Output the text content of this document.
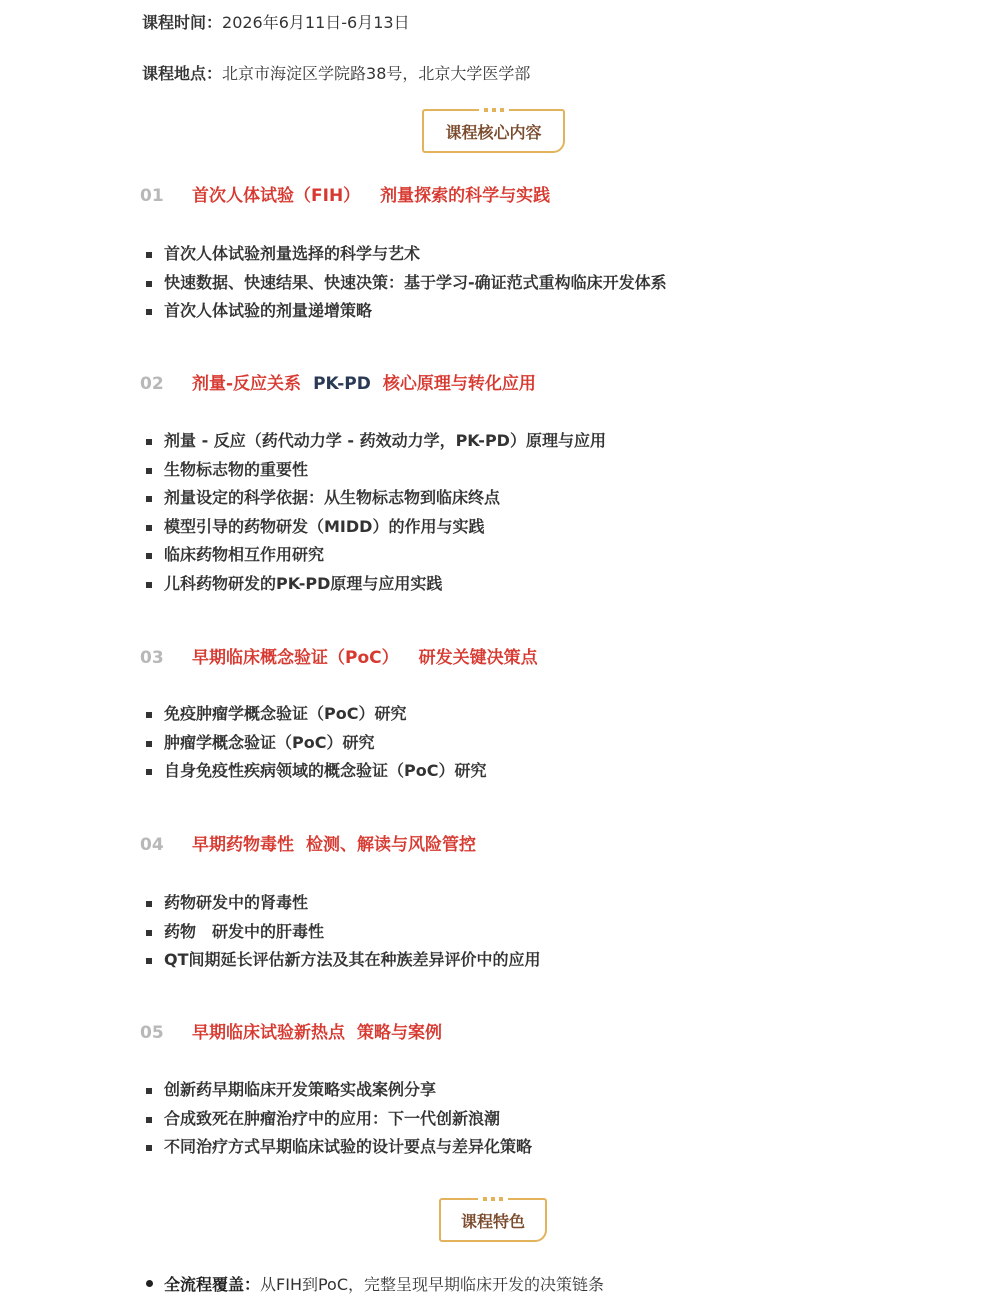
课程时间：2026年6月11日-6月13日
课程地点：北京市海淀区学院路38号，北京大学医学部
课程核心内容
01 首次人体试验（FIH） 剂量探索的科学与实践
首次人体试验剂量选择的科学与艺术
快速数据、快速结果、快速决策：基于学习-确证范式重构临床开发体系
首次人体试验的剂量递增策略
02 剂量-反应关系 PK-PD 核心原理与转化应用
剂量 - 反应（药代动力学 - 药效动力学，PK-PD）原理与应用
生物标志物的重要性
剂量设定的科学依据：从生物标志物到临床终点
模型引导的药物研发（MIDD）的作用与实践
临床药物相互作用研究
儿科药物研发的PK-PD原理与应用实践
03 早期临床概念验证（PoC） 研发关键决策点
免疫肿瘤学概念验证（PoC）研究
肿瘤学概念验证（PoC）研究
自身免疫性疾病领域的概念验证（PoC）研究
04 早期药物毒性 检测、解读与风险管控
药物研发中的肾毒性
药物　研发中的肝毒性
QT间期延长评估新方法及其在种族差异评价中的应用
05 早期临床试验新热点 策略与案例
创新药早期临床开发策略实战案例分享
合成致死在肿瘤治疗中的应用：下一代创新浪潮
不同治疗方式早期临床试验的设计要点与差异化策略
课程特色
全流程覆盖：从FIH到PoC，完整呈现早期临床开发的决策链条
